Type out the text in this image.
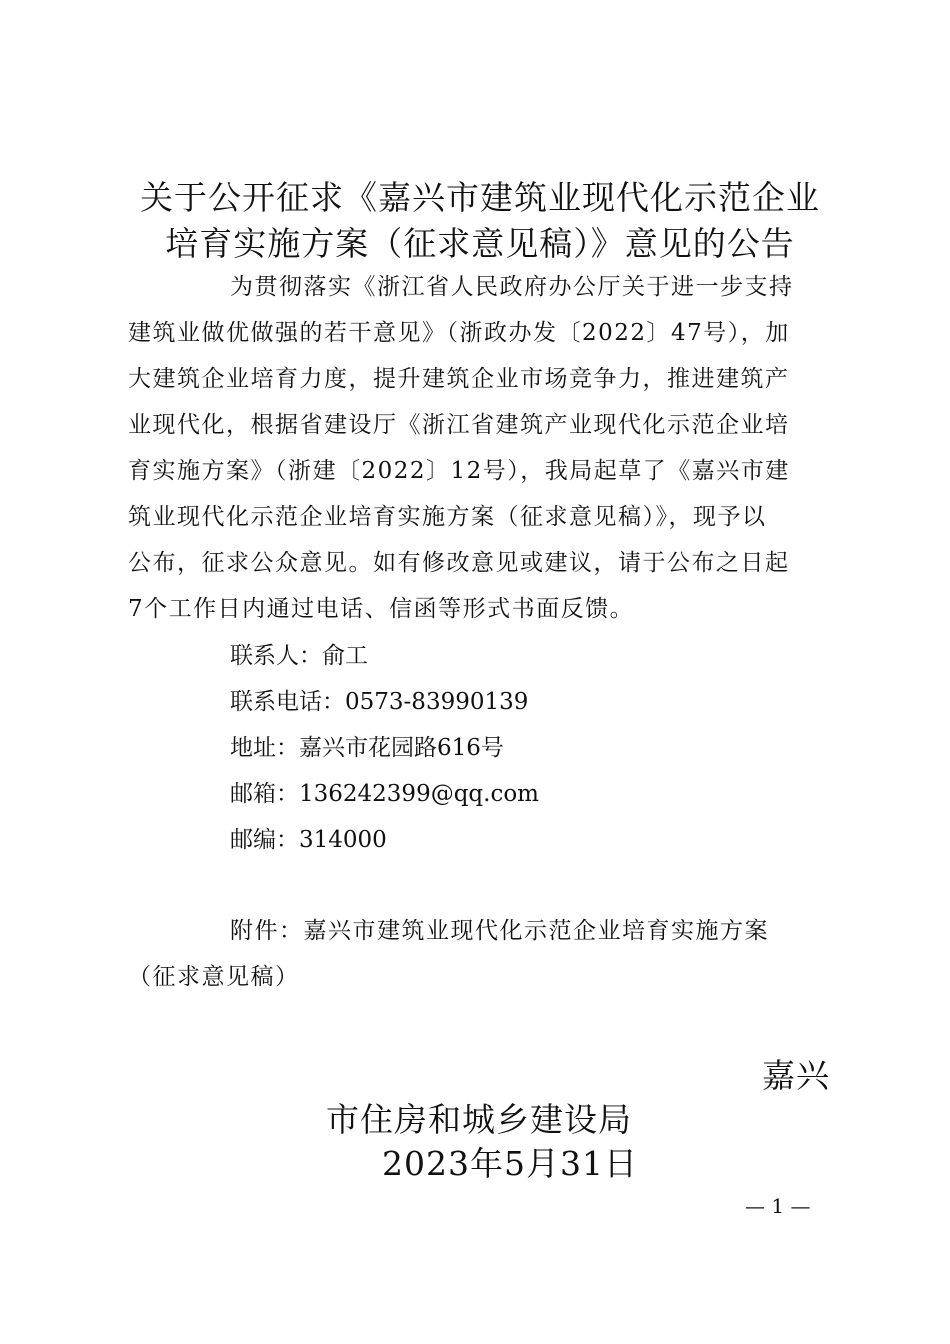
关于公开征求《嘉兴市建筑业现代化示范企业
培育实施方案（征求意见稿）》意见的公告
为贯彻落实《浙江省人民政府办公厅关于进一步支持
建筑业做优做强的若干意见》（浙政办发〔2022〕47号），加
大建筑企业培育力度，提升建筑企业市场竞争力，推进建筑产
业现代化，根据省建设厅《浙江省建筑产业现代化示范企业培
育实施方案》（浙建〔2022〕12号），我局起草了《嘉兴市建
筑业现代化示范企业培育实施方案（征求意见稿）》，现予以
公布，征求公众意见。如有修改意见或建议，请于公布之日起
7个工作日内通过电话、信函等形式书面反馈。
联系人：俞工
联系电话：0573-83990139
地址：嘉兴市花园路616号
邮箱：136242399@qq.com
邮编：314000
附件：嘉兴市建筑业现代化示范企业培育实施方案
（征求意见稿）
嘉兴
市住房和城乡建设局
2023年5月31日
— 1 —
